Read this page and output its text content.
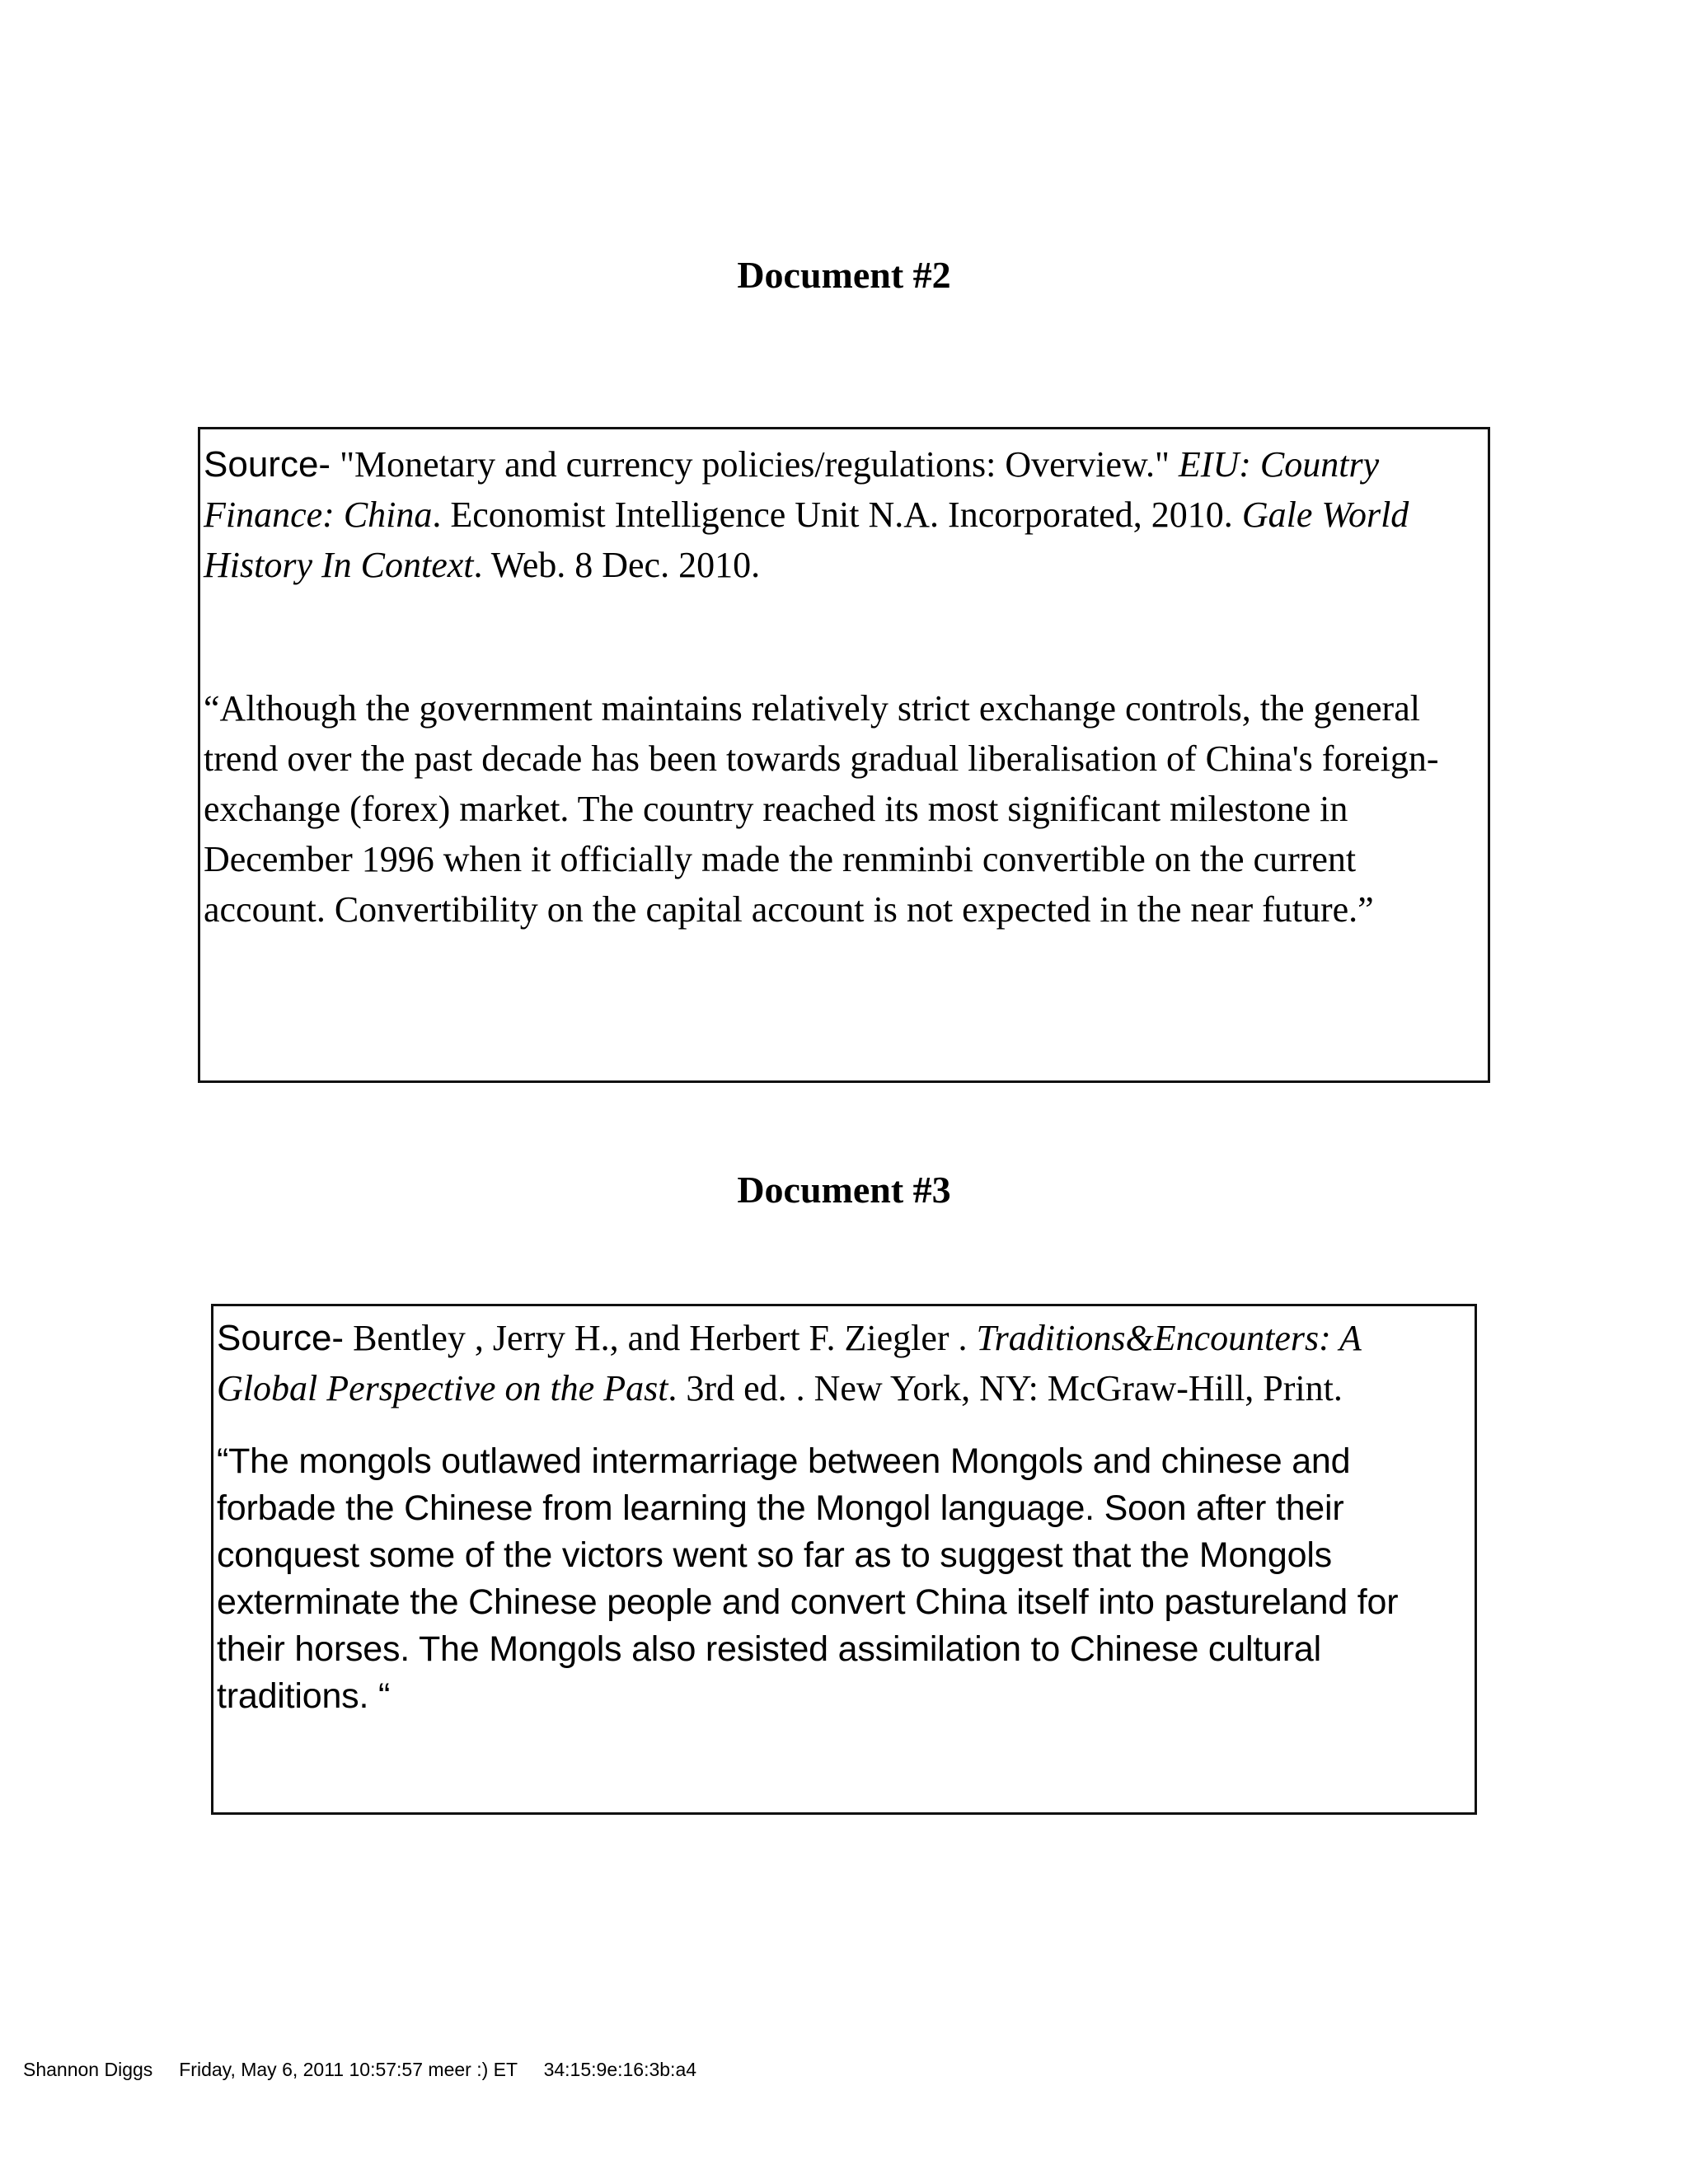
Document #2

Source- "Monetary and currency policies/regulations: Overview." EIU: Country Finance: China. Economist Intelligence Unit N.A. Incorporated, 2010. Gale World History In Context. Web. 8 Dec. 2010.

“Although the government maintains relatively strict exchange controls, the general trend over the past decade has been towards gradual liberalisation of China's foreign-exchange (forex) market. The country reached its most significant milestone in December 1996 when it officially made the renminbi convertible on the current account. Convertibility on the capital account is not expected in the near future.”

Document #3

Source- Bentley , Jerry H., and Herbert F. Ziegler . Traditions&Encounters: A Global Perspective on the Past. 3rd ed. . New York, NY: McGraw-Hill, Print.

“The mongols outlawed intermarriage between Mongols and chinese and forbade the Chinese from learning the Mongol language. Soon after their conquest some of the victors went so far as to suggest that the Mongols exterminate the Chinese people and convert China itself into pastureland for their horses. The Mongols also resisted assimilation to Chinese cultural traditions. “

Shannon Diggs Friday, May 6, 2011 10:57:57 meer :) ET 34:15:9e:16:3b:a4
